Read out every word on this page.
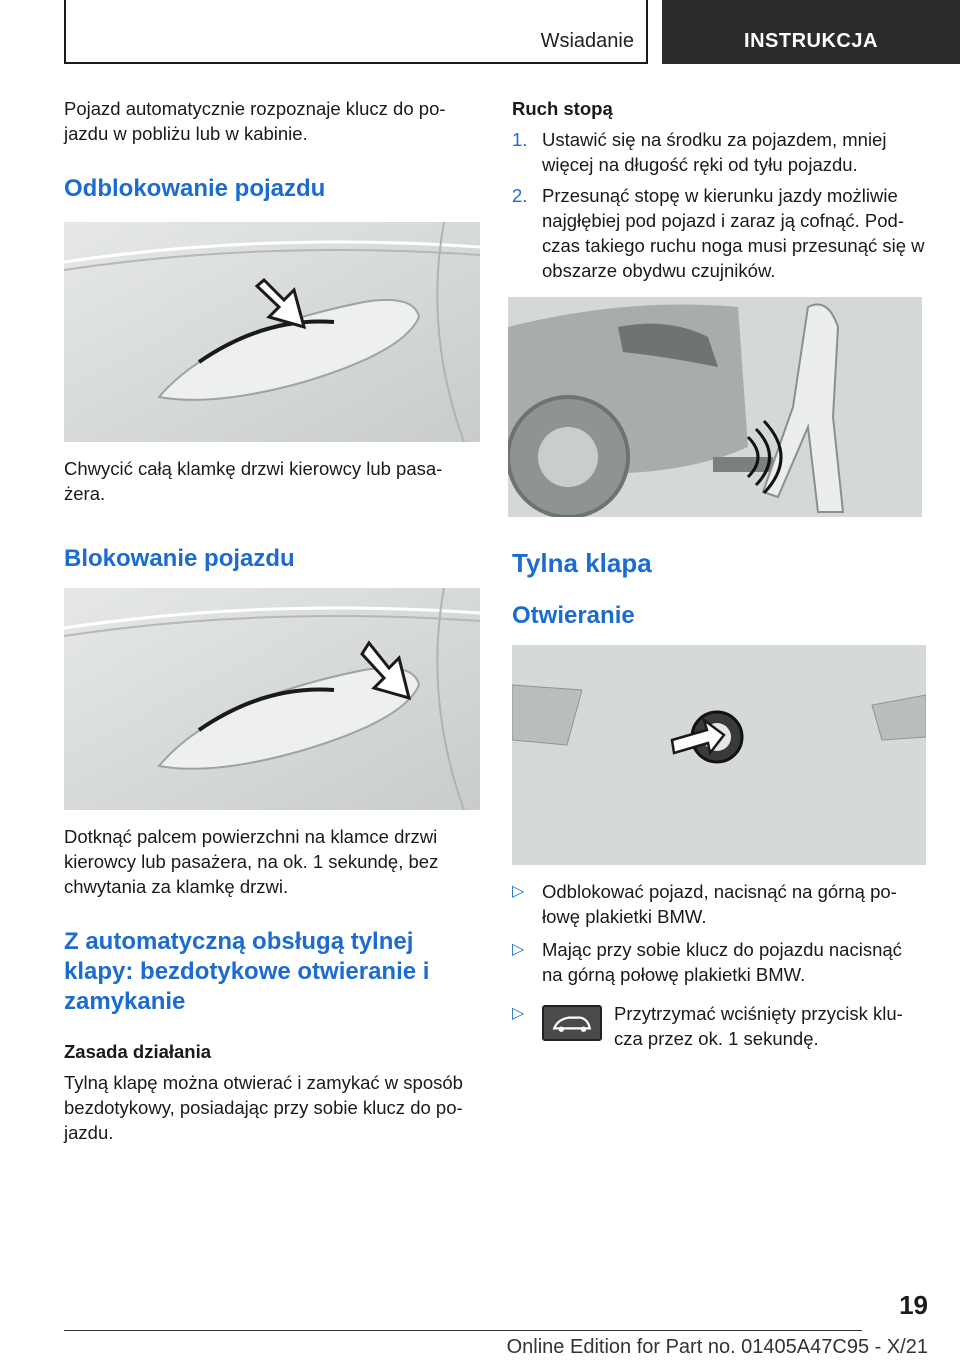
Wsiadanie	INSTRUKCJA

Pojazd automatycznie rozpoznaje klucz do po- jazdu w pobliżu lub w kabinie.

Odblokowanie pojazdu

Chwycić całą klamkę drzwi kierowcy lub pasa- żera.

Blokowanie pojazdu

Dotknąć palcem powierzchni na klamce drzwi kierowcy lub pasażera, na ok. 1 sekundę, bez chwytania za klamkę drzwi.

Z automatyczną obsługą tylnej klapy: bezdotykowe otwieranie i zamykanie
Zasada działania

Tylną klapę można otwierać i zamykać w sposób bezdotykowy, posiadając przy sobie klucz do po- jazdu.

Ruch stopą
1. Ustawić się na środku za pojazdem, mniej więcej na długość ręki od tyłu pojazdu.
2. Przesunąć stopę w kierunku jazdy możliwie najgłębiej pod pojazd i zaraz ją cofnąć. Pod- czas takiego ruchu noga musi przesunąć się w obszarze obydwu czujników.
Tylna klapa
Otwieranie
▷ Odblokować pojazd, nacisnąć na górną po- łowę plakietki BMW.
▷ Mając przy sobie klucz do pojazdu nacisnąć na górną połowę plakietki BMW.
▷	Przytrzymać wciśnięty przycisk klu- cza przez ok. 1 sekundę.
19
Online Edition for Part no. 01405A47C95 - X/21
